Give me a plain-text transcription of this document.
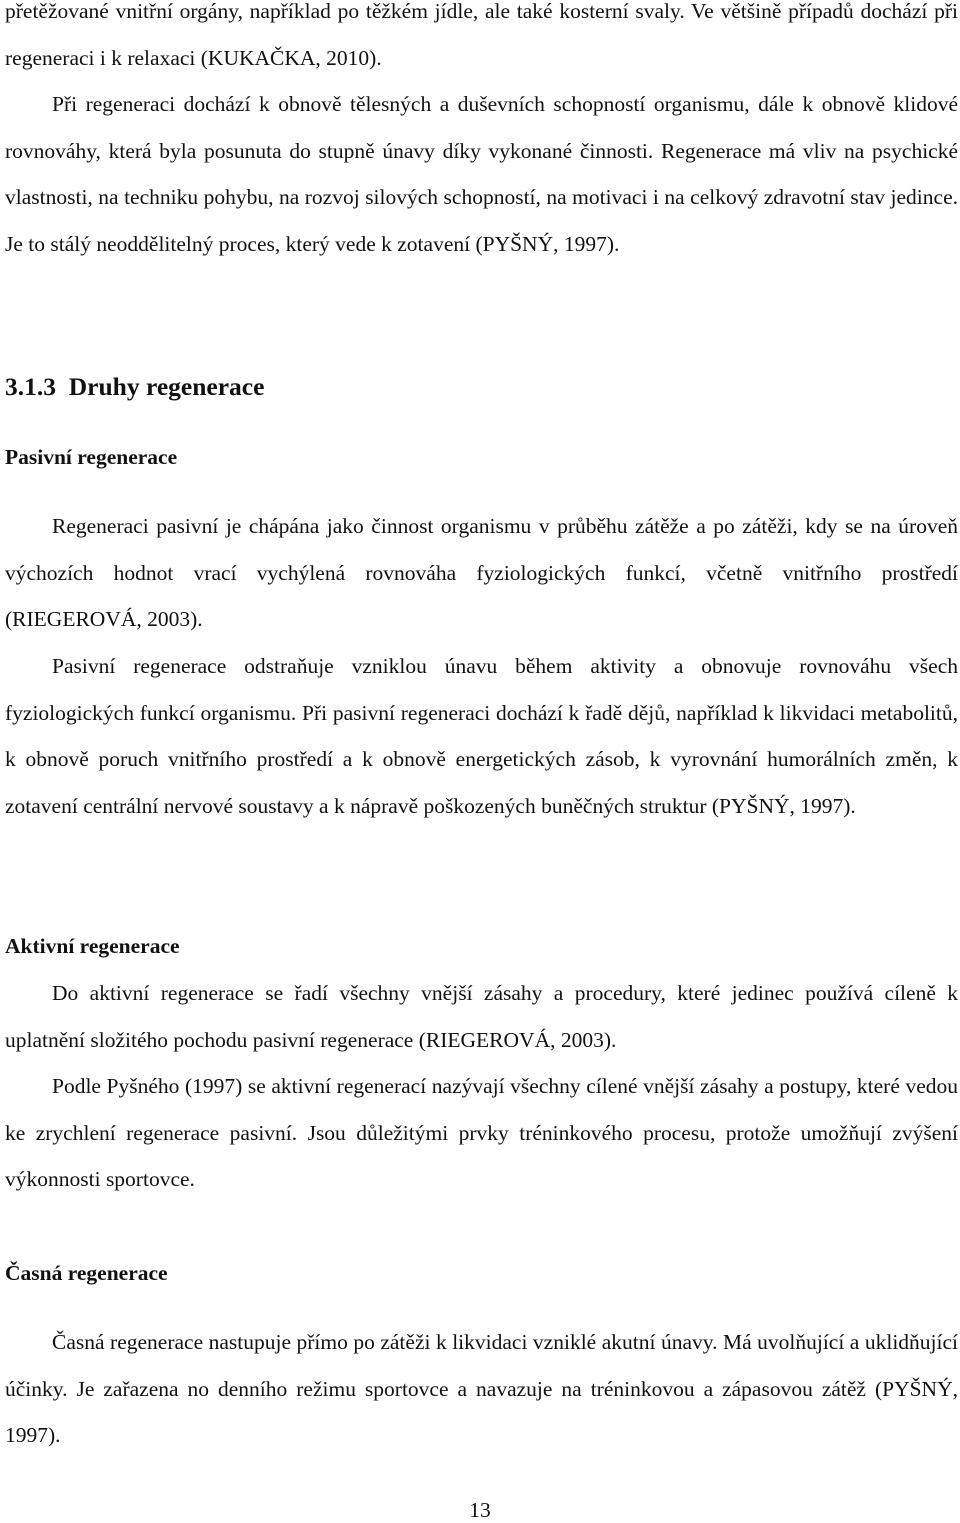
přetěžované vnitřní orgány, například po těžkém jídle, ale také kosterní svaly. Ve většině případů dochází při regeneraci i k relaxaci (KUKAČKA, 2010).

Při regeneraci dochází k obnově tělesných a duševních schopností organismu, dále k obnově klidové rovnováhy, která byla posunuta do stupně únavy díky vykonané činnosti. Regenerace má vliv na psychické vlastnosti, na techniku pohybu, na rozvoj silových schopností, na motivaci i na celkový zdravotní stav jedince. Je to stálý neoddělitelný proces, který vede k zotavení (PYŠNÝ, 1997).

3.1.3 Druhy regenerace
Pasivní regenerace

Regeneraci pasivní je chápána jako činnost organismu v průběhu zátěže a po zátěži, kdy se na úroveň výchozích hodnot vrací vychýlená rovnováha fyziologických funkcí, včetně vnitřního prostředí (RIEGEROVÁ, 2003).

Pasivní regenerace odstraňuje vzniklou únavu během aktivity a obnovuje rovnováhu všech fyziologických funkcí organismu. Při pasivní regeneraci dochází k řadě dějů, například k likvidaci metabolitů, k obnově poruch vnitřního prostředí a k obnově energetických zásob, k vyrovnání humorálních změn, k zotavení centrální nervové soustavy a k nápravě poškozených buněčných struktur (PYŠNÝ, 1997).

Aktivní regenerace

Do aktivní regenerace se řadí všechny vnější zásahy a procedury, které jedinec používá cíleně k uplatnění složitého pochodu pasivní regenerace (RIEGEROVÁ, 2003).

Podle Pyšného (1997) se aktivní regenerací nazývají všechny cílené vnější zásahy a postupy, které vedou ke zrychlení regenerace pasivní. Jsou důležitými prvky tréninkového procesu, protože umožňují zvýšení výkonnosti sportovce.

Časná regenerace

Časná regenerace nastupuje přímo po zátěži k likvidaci vzniklé akutní únavy. Má uvolňující a uklidňující účinky. Je zařazena no denního režimu sportovce a navazuje na tréninkovou a zápasovou zátěž (PYŠNÝ, 1997).

13
